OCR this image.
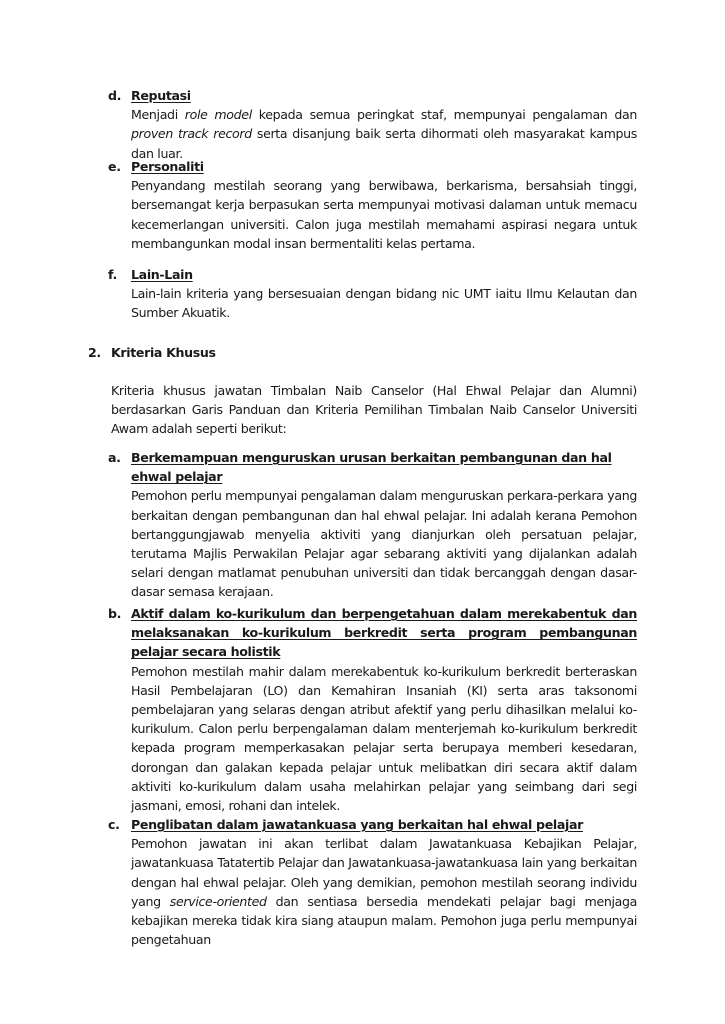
d. Reputasi
Menjadi role model kepada semua peringkat staf, mempunyai pengalaman dan proven track record serta disanjung baik serta dihormati oleh masyarakat kampus dan luar.
e. Personaliti
Penyandang mestilah seorang yang berwibawa, berkarisma, bersahsiah tinggi, bersemangat kerja berpasukan serta mempunyai motivasi dalaman untuk memacu kecemerlangan universiti. Calon juga mestilah memahami aspirasi negara untuk membangunkan modal insan bermentaliti kelas pertama.
f. Lain-Lain
Lain-lain kriteria yang bersesuaian dengan bidang nic UMT iaitu Ilmu Kelautan dan Sumber Akuatik.
2. Kriteria Khusus
Kriteria khusus jawatan Timbalan Naib Canselor (Hal Ehwal Pelajar dan Alumni) berdasarkan Garis Panduan dan Kriteria Pemilihan Timbalan Naib Canselor Universiti Awam adalah seperti berikut:
a. Berkemampuan menguruskan urusan berkaitan pembangunan dan hal ehwal pelajar
Pemohon perlu mempunyai pengalaman dalam menguruskan perkara-perkara yang berkaitan dengan pembangunan dan hal ehwal pelajar. Ini adalah kerana Pemohon bertanggungjawab menyelia aktiviti yang dianjurkan oleh persatuan pelajar, terutama Majlis Perwakilan Pelajar agar sebarang aktiviti yang dijalankan adalah selari dengan matlamat penubuhan universiti dan tidak bercanggah dengan dasar-dasar semasa kerajaan.
b. Aktif dalam ko-kurikulum dan berpengetahuan dalam merekabentuk dan melaksanakan ko-kurikulum berkredit serta program pembangunan pelajar secara holistik
Pemohon mestilah mahir dalam merekabentuk ko-kurikulum berkredit berteraskan Hasil Pembelajaran (LO) dan Kemahiran Insaniah (KI) serta aras taksonomi pembelajaran yang selaras dengan atribut afektif yang perlu dihasilkan melalui ko-kurikulum. Calon perlu berpengalaman dalam menterjemah ko-kurikulum berkredit kepada program memperkasakan pelajar serta berupaya memberi kesedaran, dorongan dan galakan kepada pelajar untuk melibatkan diri secara aktif dalam aktiviti ko-kurikulum dalam usaha melahirkan pelajar yang seimbang dari segi jasmani, emosi, rohani dan intelek.
c. Penglibatan dalam jawatankuasa yang berkaitan hal ehwal pelajar
Pemohon jawatan ini akan terlibat dalam Jawatankuasa Kebajikan Pelajar, jawatankuasa Tatatertib Pelajar dan Jawatankuasa-jawatankuasa lain yang berkaitan dengan hal ehwal pelajar. Oleh yang demikian, pemohon mestilah seorang individu yang service-oriented dan sentiasa bersedia mendekati pelajar bagi menjaga kebajikan mereka tidak kira siang ataupun malam. Pemohon juga perlu mempunyai pengetahuan
